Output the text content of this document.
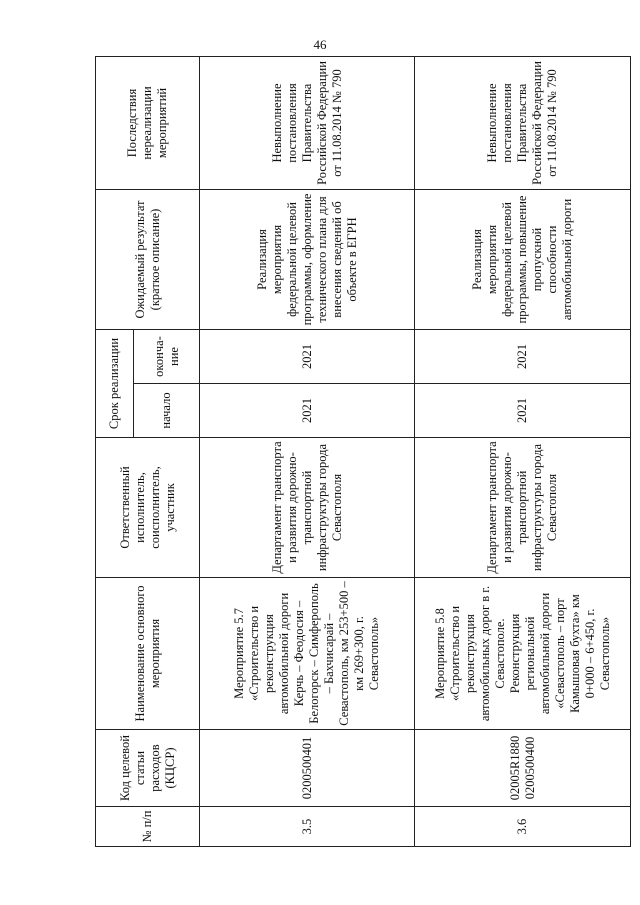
46
№ п/п	Код целевой статьи расходов (КЦСР)	Наименование основного мероприятия	Ответственный исполнитель, соисполнитель, участник	Срок реализации		Ожидаемый результат (краткое описание)	Последствия нереализации мероприятий
				начало	оконча-ние		
3.5	0200500401	Мероприятие 5.7 «Строительство и реконструкция автомобильной дороги Керчь – Феодосия – Белогорск – Симферополь – Бахчисарай – Севастополь, км 253+500 – км 269+300, г. Севастополь»	Департамент транспорта и развития дорожно-транспортной инфраструктуры города Севастополя	2021	2021	Реализация мероприятия федеральной целевой программы, оформление технического плана для внесения сведений об объекте в ЕГРН	Невыполнение постановления Правительства Российской Федерации от 11.08.2014 № 790
3.6	02005R1880 0200500400	Мероприятие 5.8 «Строительство и реконструкция автомобильных дорог в г. Севастополе. Реконструкция региональной автомобильной дороги «Севастополь – порт Камышовая бухта» км 0+000 – 6+450, г. Севастополь»	Департамент транспорта и развития дорожно-транспортной инфраструктуры города Севастополя	2021	2021	Реализация мероприятия федеральной целевой программы, повышение пропускной способности автомобильной дороги	Невыполнение постановления Правительства Российской Федерации от 11.08.2014 № 790
